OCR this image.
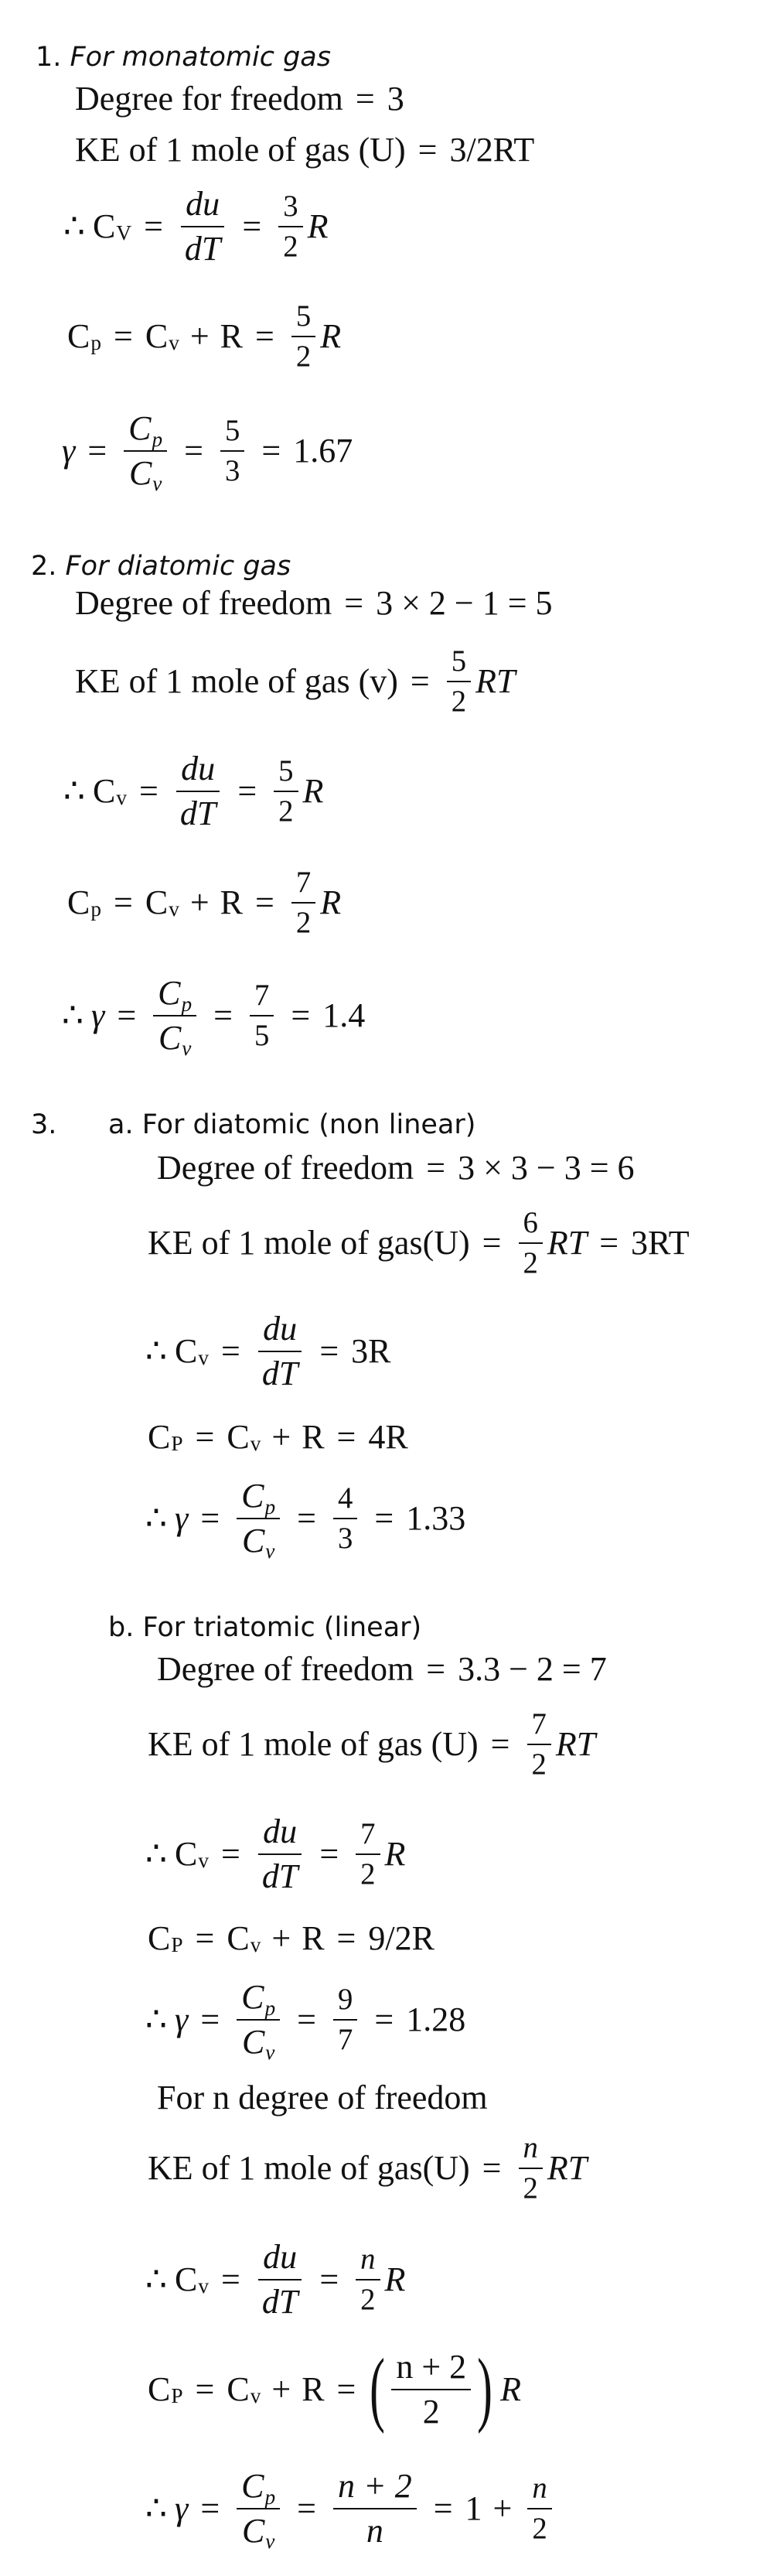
1. For monatomic gas
Degree for freedom = 3
KE of 1 mole of gas (U) = 3/2RT
∴ C $V = \frac{du}{dT} = \frac{3}{2}$ R
C p = C $v + R = \frac{5}{2}$ R
$\gamma = \frac{Cp}{Cv} = \frac{5}{3} = 1.67$
2. For diatomic gas
Degree of freedom = 3 × 2 − 1 = 5
KE of 1 mole of gas $(v) = \frac{5}{2}$ RT
∴ C $v = \frac{du}{dT} = \frac{5}{2}$ R
C p = C $v + R = \frac{7}{2}$ R
∴ $\gamma = \frac{Cp}{Cv} = \frac{7}{5} = 1.4$
3. a. For diatomic (non linear)
Degree of freedom = 3 × 3 − 3 = 6
KE of 1 mole of $gas(U) = \frac{6}{2}$ RT = 3RT
∴ C $v = \frac{du}{dT} = 3R$
C P = C v + R = 4R
∴ $\gamma = \frac{Cp}{Cv} = \frac{4}{3} = 1.33$
b. For triatomic (linear)
Degree of freedom = 3.3 − 2 = 7
KE of 1 mole of gas $(U) = \frac{7}{2}$ RT
∴ C $v = \frac{du}{dT} = \frac{7}{2}$ R
C P = C v + R = 9/2R
∴ $\gamma = \frac{Cp}{Cv} = \frac{9}{7} = 1.28$
For n degree of freedom
KE of 1 mole of $gas(U) = \frac{n}{2}$ RT
∴ C $v = \frac{du}{dT} = \frac{n}{2}$ R
C P = C v + R = ( $\frac{n + 2}{2}$ ) R
∴ $\gamma = \frac{Cp}{Cv} = \frac{n + 2}{n} = 1 + \frac{n}{2}$
